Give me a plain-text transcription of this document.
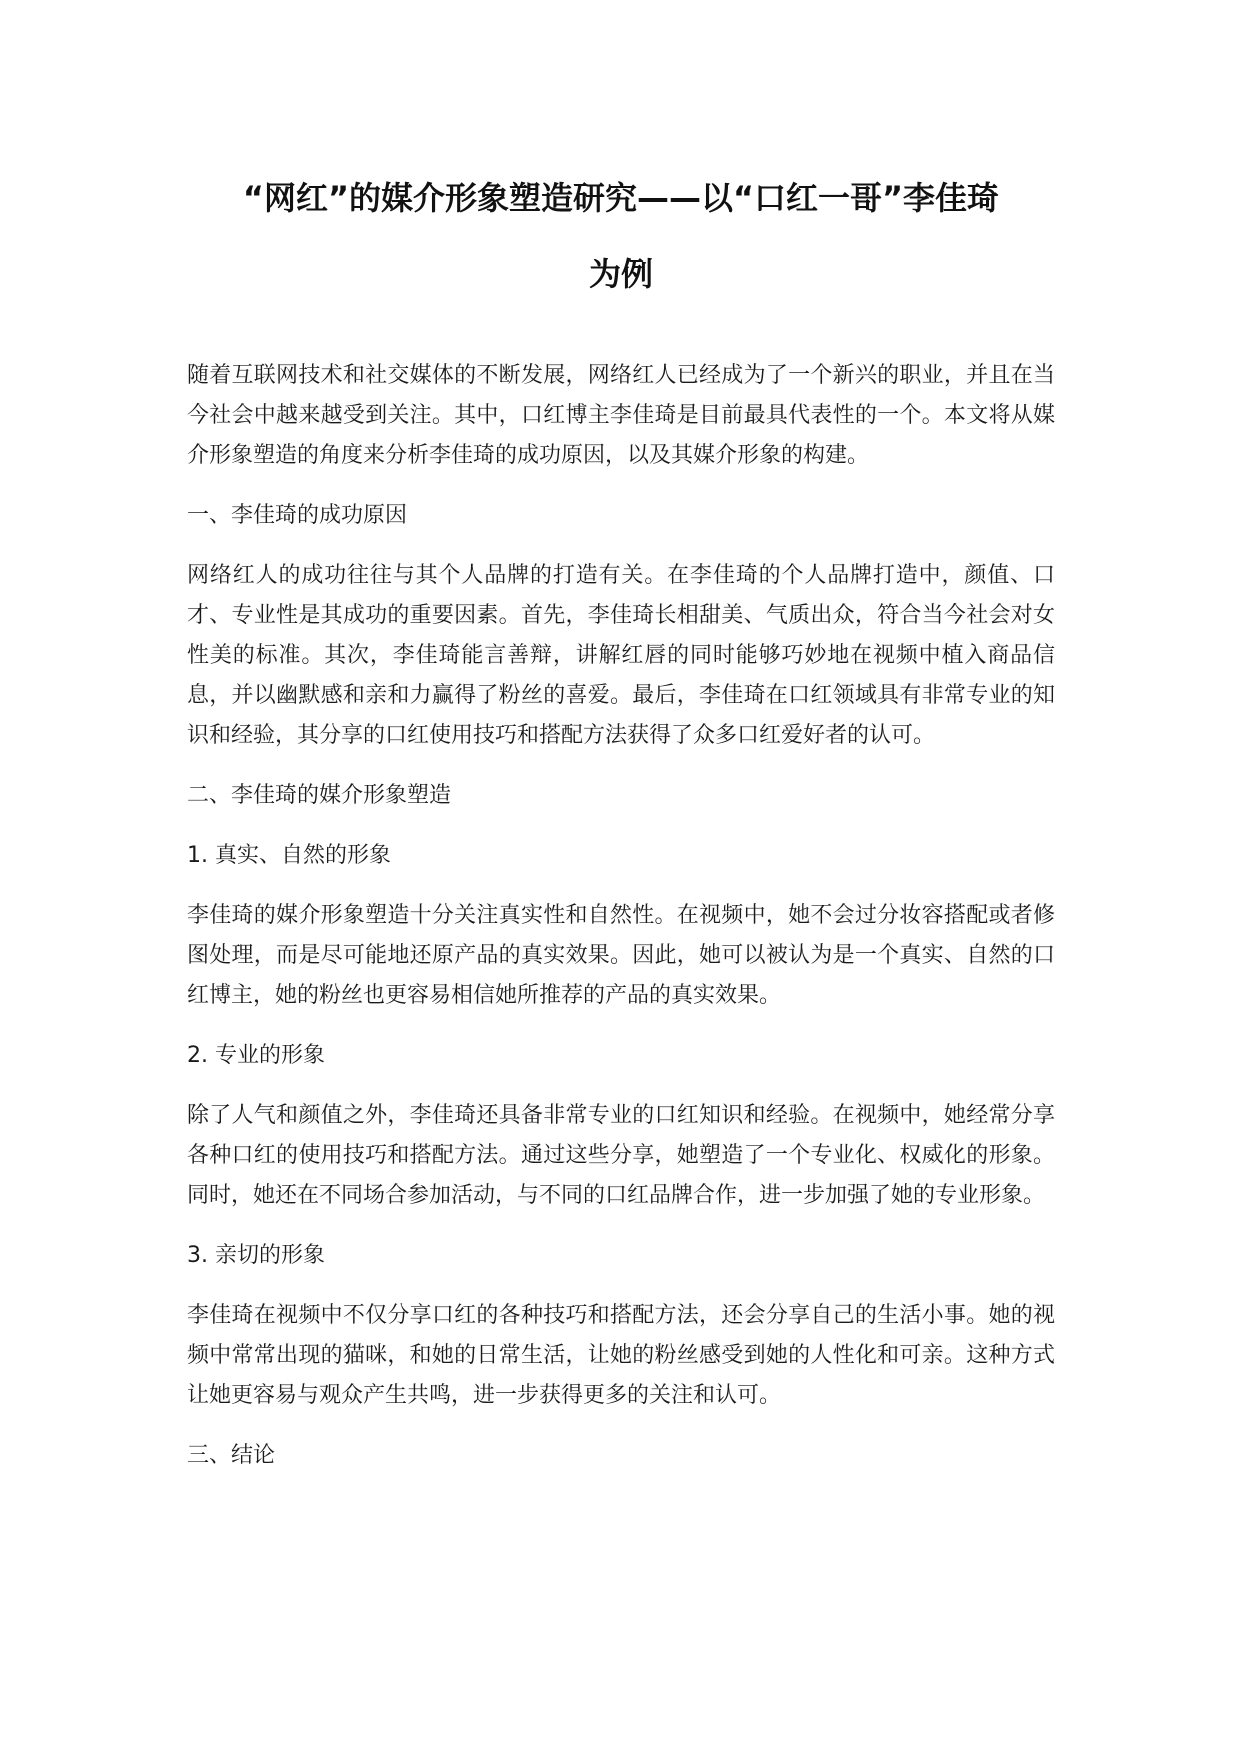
“网红”的媒介形象塑造研究——以“口红一哥”李佳琦
为例

随着互联网技术和社交媒体的不断发展，网络红人已经成为了一个新兴的职业，并且在当今社会中越来越受到关注。其中，口红博主李佳琦是目前最具代表性的一个。本文将从媒介形象塑造的角度来分析李佳琦的成功原因，以及其媒介形象的构建。

一、李佳琦的成功原因

网络红人的成功往往与其个人品牌的打造有关。在李佳琦的个人品牌打造中，颜值、口才、专业性是其成功的重要因素。首先，李佳琦长相甜美、气质出众，符合当今社会对女性美的标准。其次，李佳琦能言善辩，讲解红唇的同时能够巧妙地在视频中植入商品信息，并以幽默感和亲和力赢得了粉丝的喜爱。最后，李佳琦在口红领域具有非常专业的知识和经验，其分享的口红使用技巧和搭配方法获得了众多口红爱好者的认可。

二、李佳琦的媒介形象塑造
1. 真实、自然的形象

李佳琦的媒介形象塑造十分关注真实性和自然性。在视频中，她不会过分妆容搭配或者修图处理，而是尽可能地还原产品的真实效果。因此，她可以被认为是一个真实、自然的口红博主，她的粉丝也更容易相信她所推荐的产品的真实效果。

2. 专业的形象

除了人气和颜值之外，李佳琦还具备非常专业的口红知识和经验。在视频中，她经常分享各种口红的使用技巧和搭配方法。通过这些分享，她塑造了一个专业化、权威化的形象。同时，她还在不同场合参加活动，与不同的口红品牌合作，进一步加强了她的专业形象。

3. 亲切的形象

李佳琦在视频中不仅分享口红的各种技巧和搭配方法，还会分享自己的生活小事。她的视频中常常出现的猫咪，和她的日常生活，让她的粉丝感受到她的人性化和可亲。这种方式让她更容易与观众产生共鸣，进一步获得更多的关注和认可。

三、结论
